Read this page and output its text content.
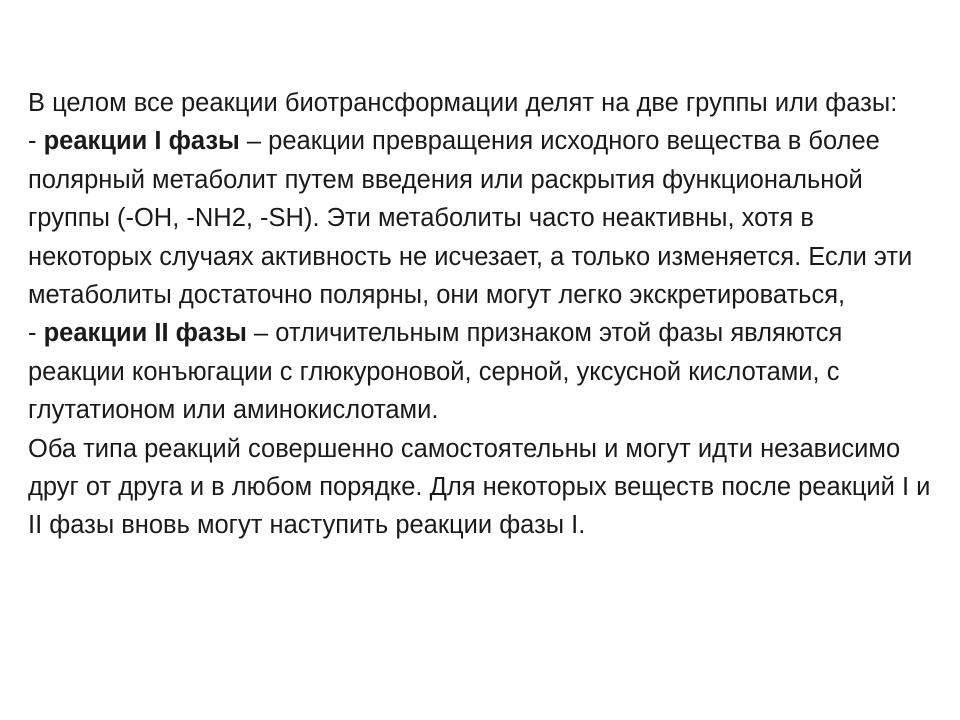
В целом все реакции биотрансформации делят на две группы или фазы:

- реакции I фазы – реакции превращения исходного вещества в более полярный метаболит путем введения или раскрытия функциональной группы (-ОН, -NH2, -SH). Эти метаболиты часто неактивны, хотя в некоторых случаях активность не исчезает, а только изменяется. Если эти метаболиты достаточно полярны, они могут легко экскретироваться,

- реакции II фазы – отличительным признаком этой фазы являются реакции конъюгации с глюкуроновой, серной, уксусной кислотами, с глутатионом или аминокислотами.

Оба типа реакций совершенно самостоятельны и могут идти независимо друг от друга и в любом порядке. Для некоторых веществ после реакций I и II фазы вновь могут наступить реакции фазы I.
